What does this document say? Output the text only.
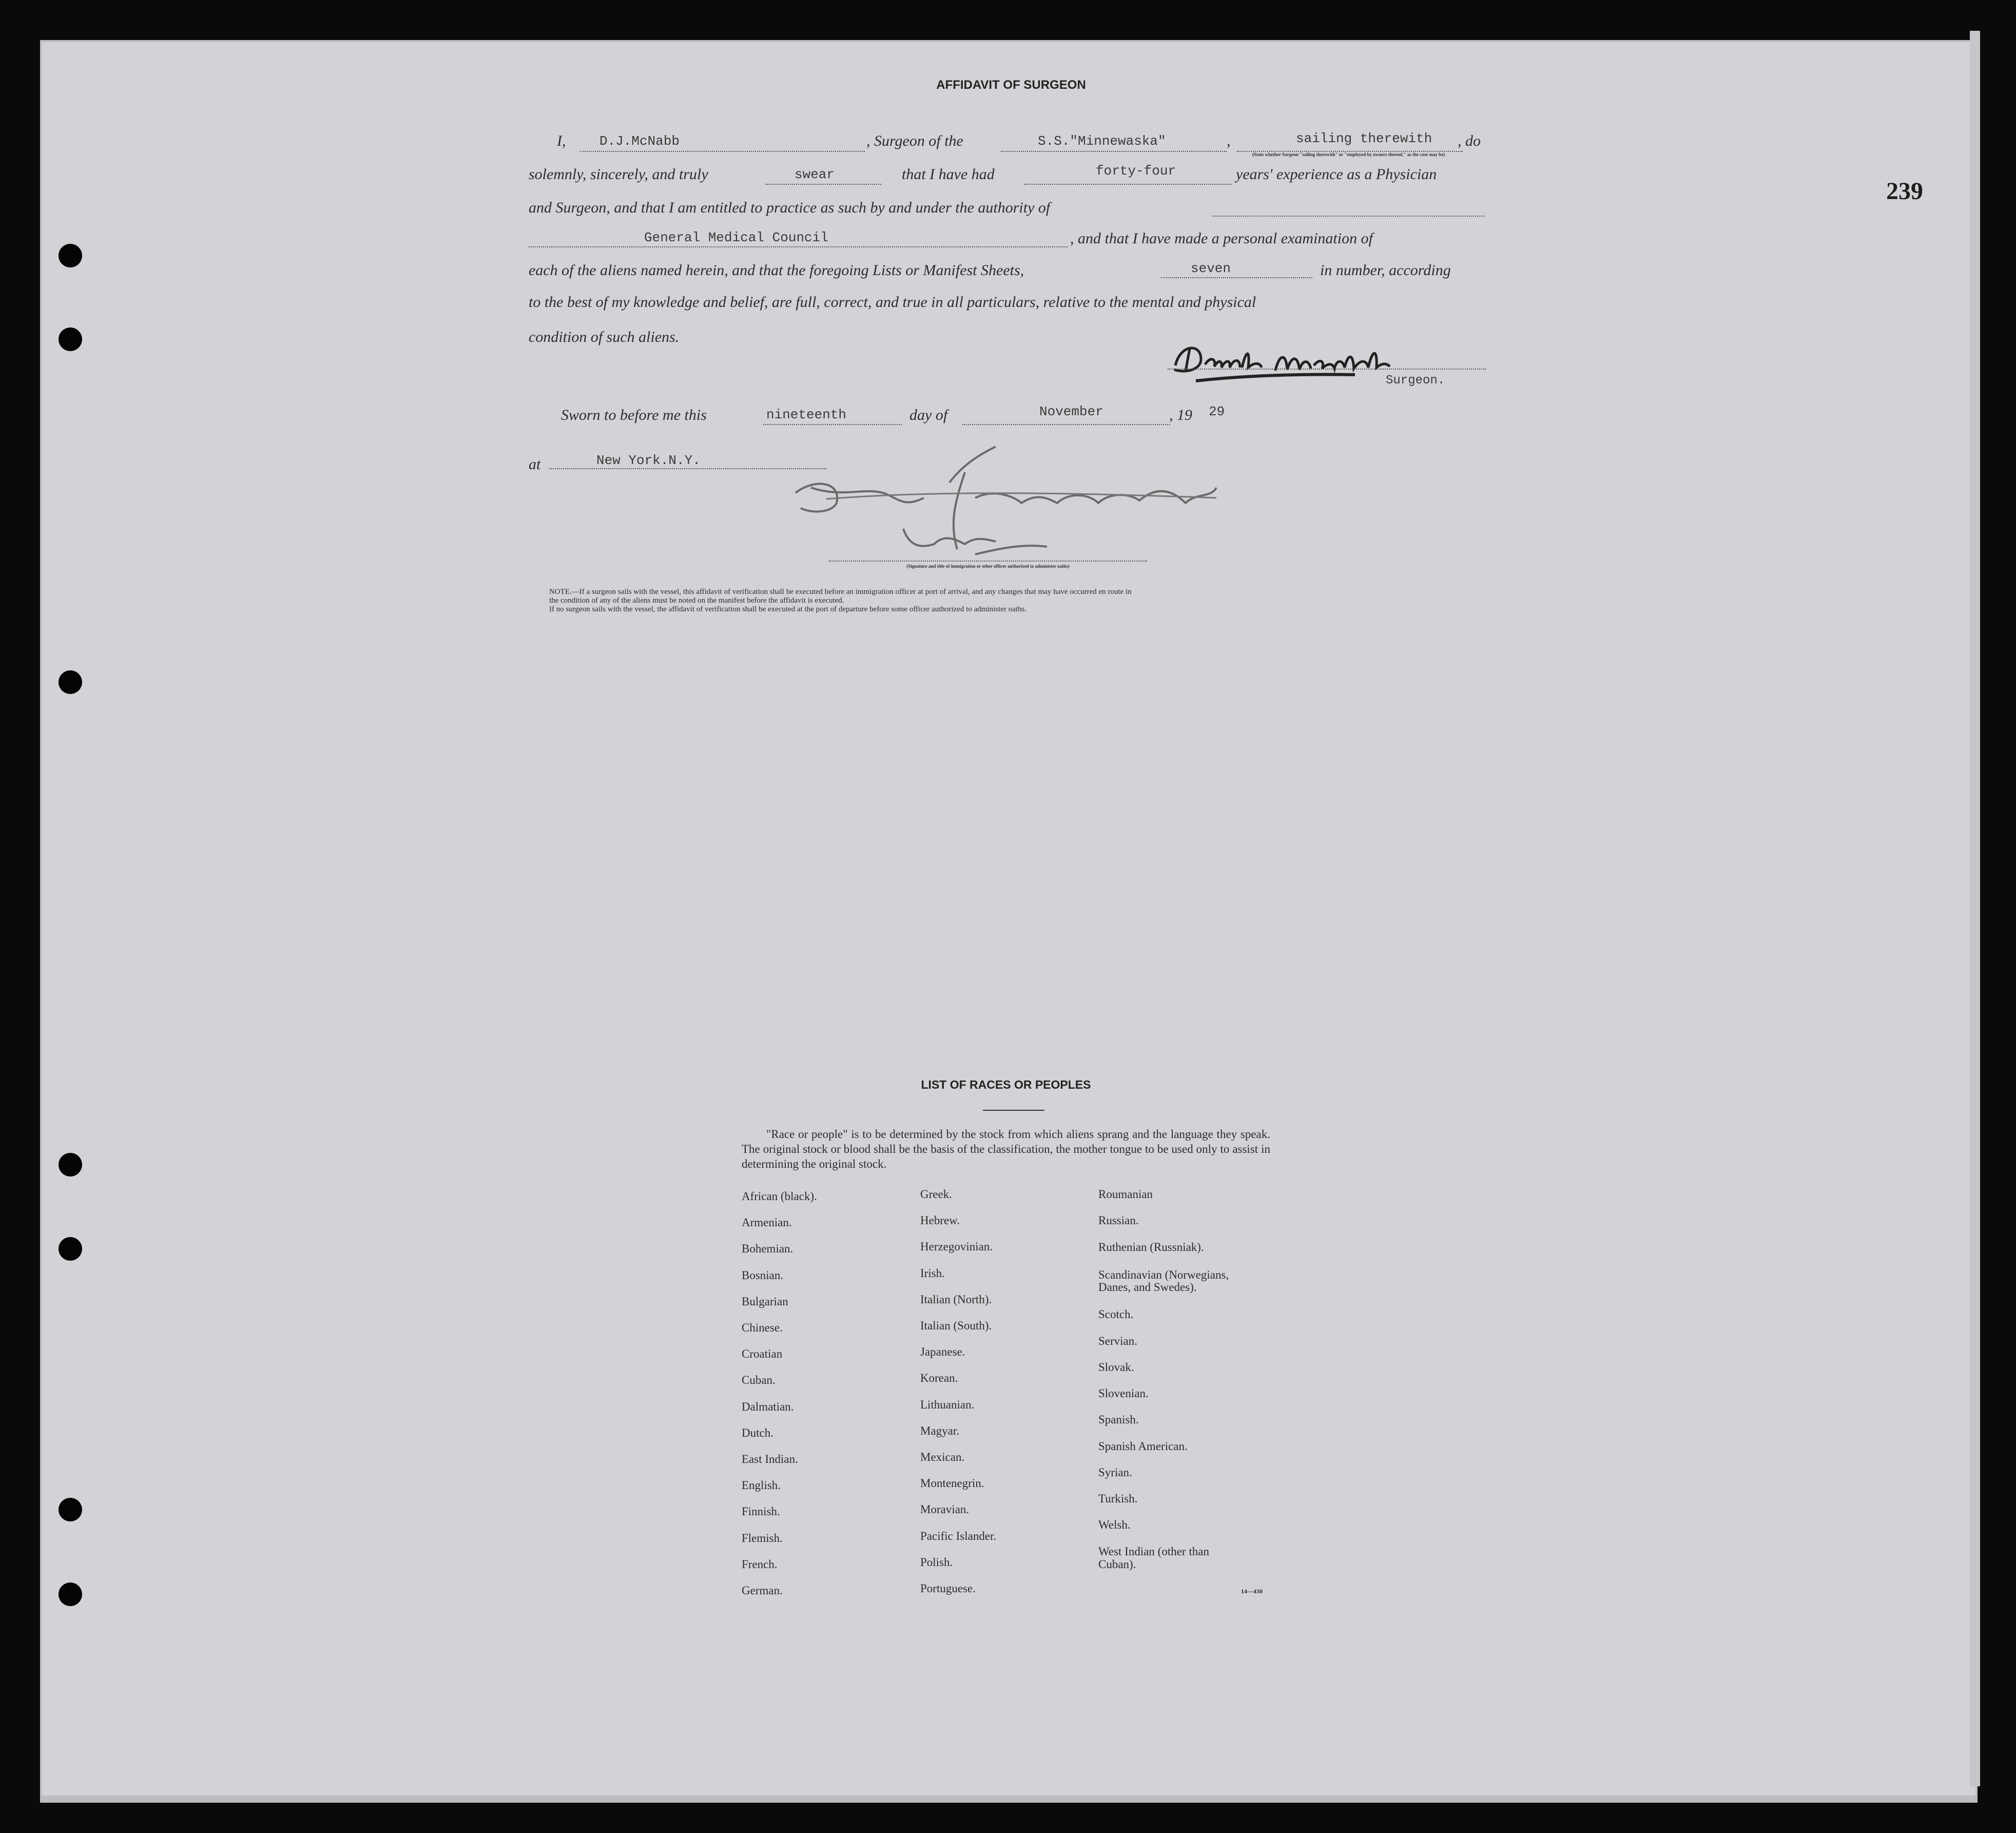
239
AFFIDAVIT OF SURGEON
I,	D.J.McNabb	, Surgeon of the	S.S."Minnewaska"	,	sailing therewith , do
(State whether Surgeon "sailing therewith" or "employed by owners thereof," as the case may be)
solemnly, sincerely, and truly	swear	that I have had	forty-four	years' experience as a Physician
and Surgeon, and that I am entitled to practice as such by and under the authority of
General Medical Council	, and that I have made a personal examination of
each of the aliens named herein, and that the foregoing Lists or Manifest Sheets,	seven	in number, according
to the best of my knowledge and belief, are full, correct, and true in all particulars, relative to the mental and physical
condition of such aliens.
Surgeon.
Sworn to before me this	nineteenth	day of	November	, 19 29
at	New York.N.Y.
(Signature and title of immigration or other officer authorized to administer oaths)
NOTE.—If a surgeon sails with the vessel, this affidavit of verification shall be executed before an immigration officer at port of arrival, and any changes that may have occurred en route in
the condition of any of the aliens must be noted on the manifest before the affidavit is executed.
If no surgeon sails with the vessel, the affidavit of verification shall be executed at the port of departure before some officer authorized to administer oaths.
LIST OF RACES OR PEOPLES
"Race or people" is to be determined by the stock from which aliens sprang and the language they speak. The original stock or blood shall be the basis of the classification, the mother tongue to be used only to assist in determining the original stock.
African (black).
Armenian.
Bohemian.
Bosnian.
Bulgarian
Chinese.
Croatian
Cuban.
Dalmatian.
Dutch.
East Indian.
English.
Finnish.
Flemish.
French.
German.
Greek.
Hebrew.
Herzegovinian.
Irish.
Italian (North).
Italian (South).
Japanese.
Korean.
Lithuanian.
Magyar.
Mexican.
Montenegrin.
Moravian.
Pacific Islander.
Polish.
Portuguese.
Roumanian
Russian.
Ruthenian (Russniak).
Scandinavian (Norwegians,
Danes, and Swedes).
Scotch.
Servian.
Slovak.
Slovenian.
Spanish.
Spanish American.
Syrian.
Turkish.
Welsh.
West Indian (other than
Cuban).
14—430
